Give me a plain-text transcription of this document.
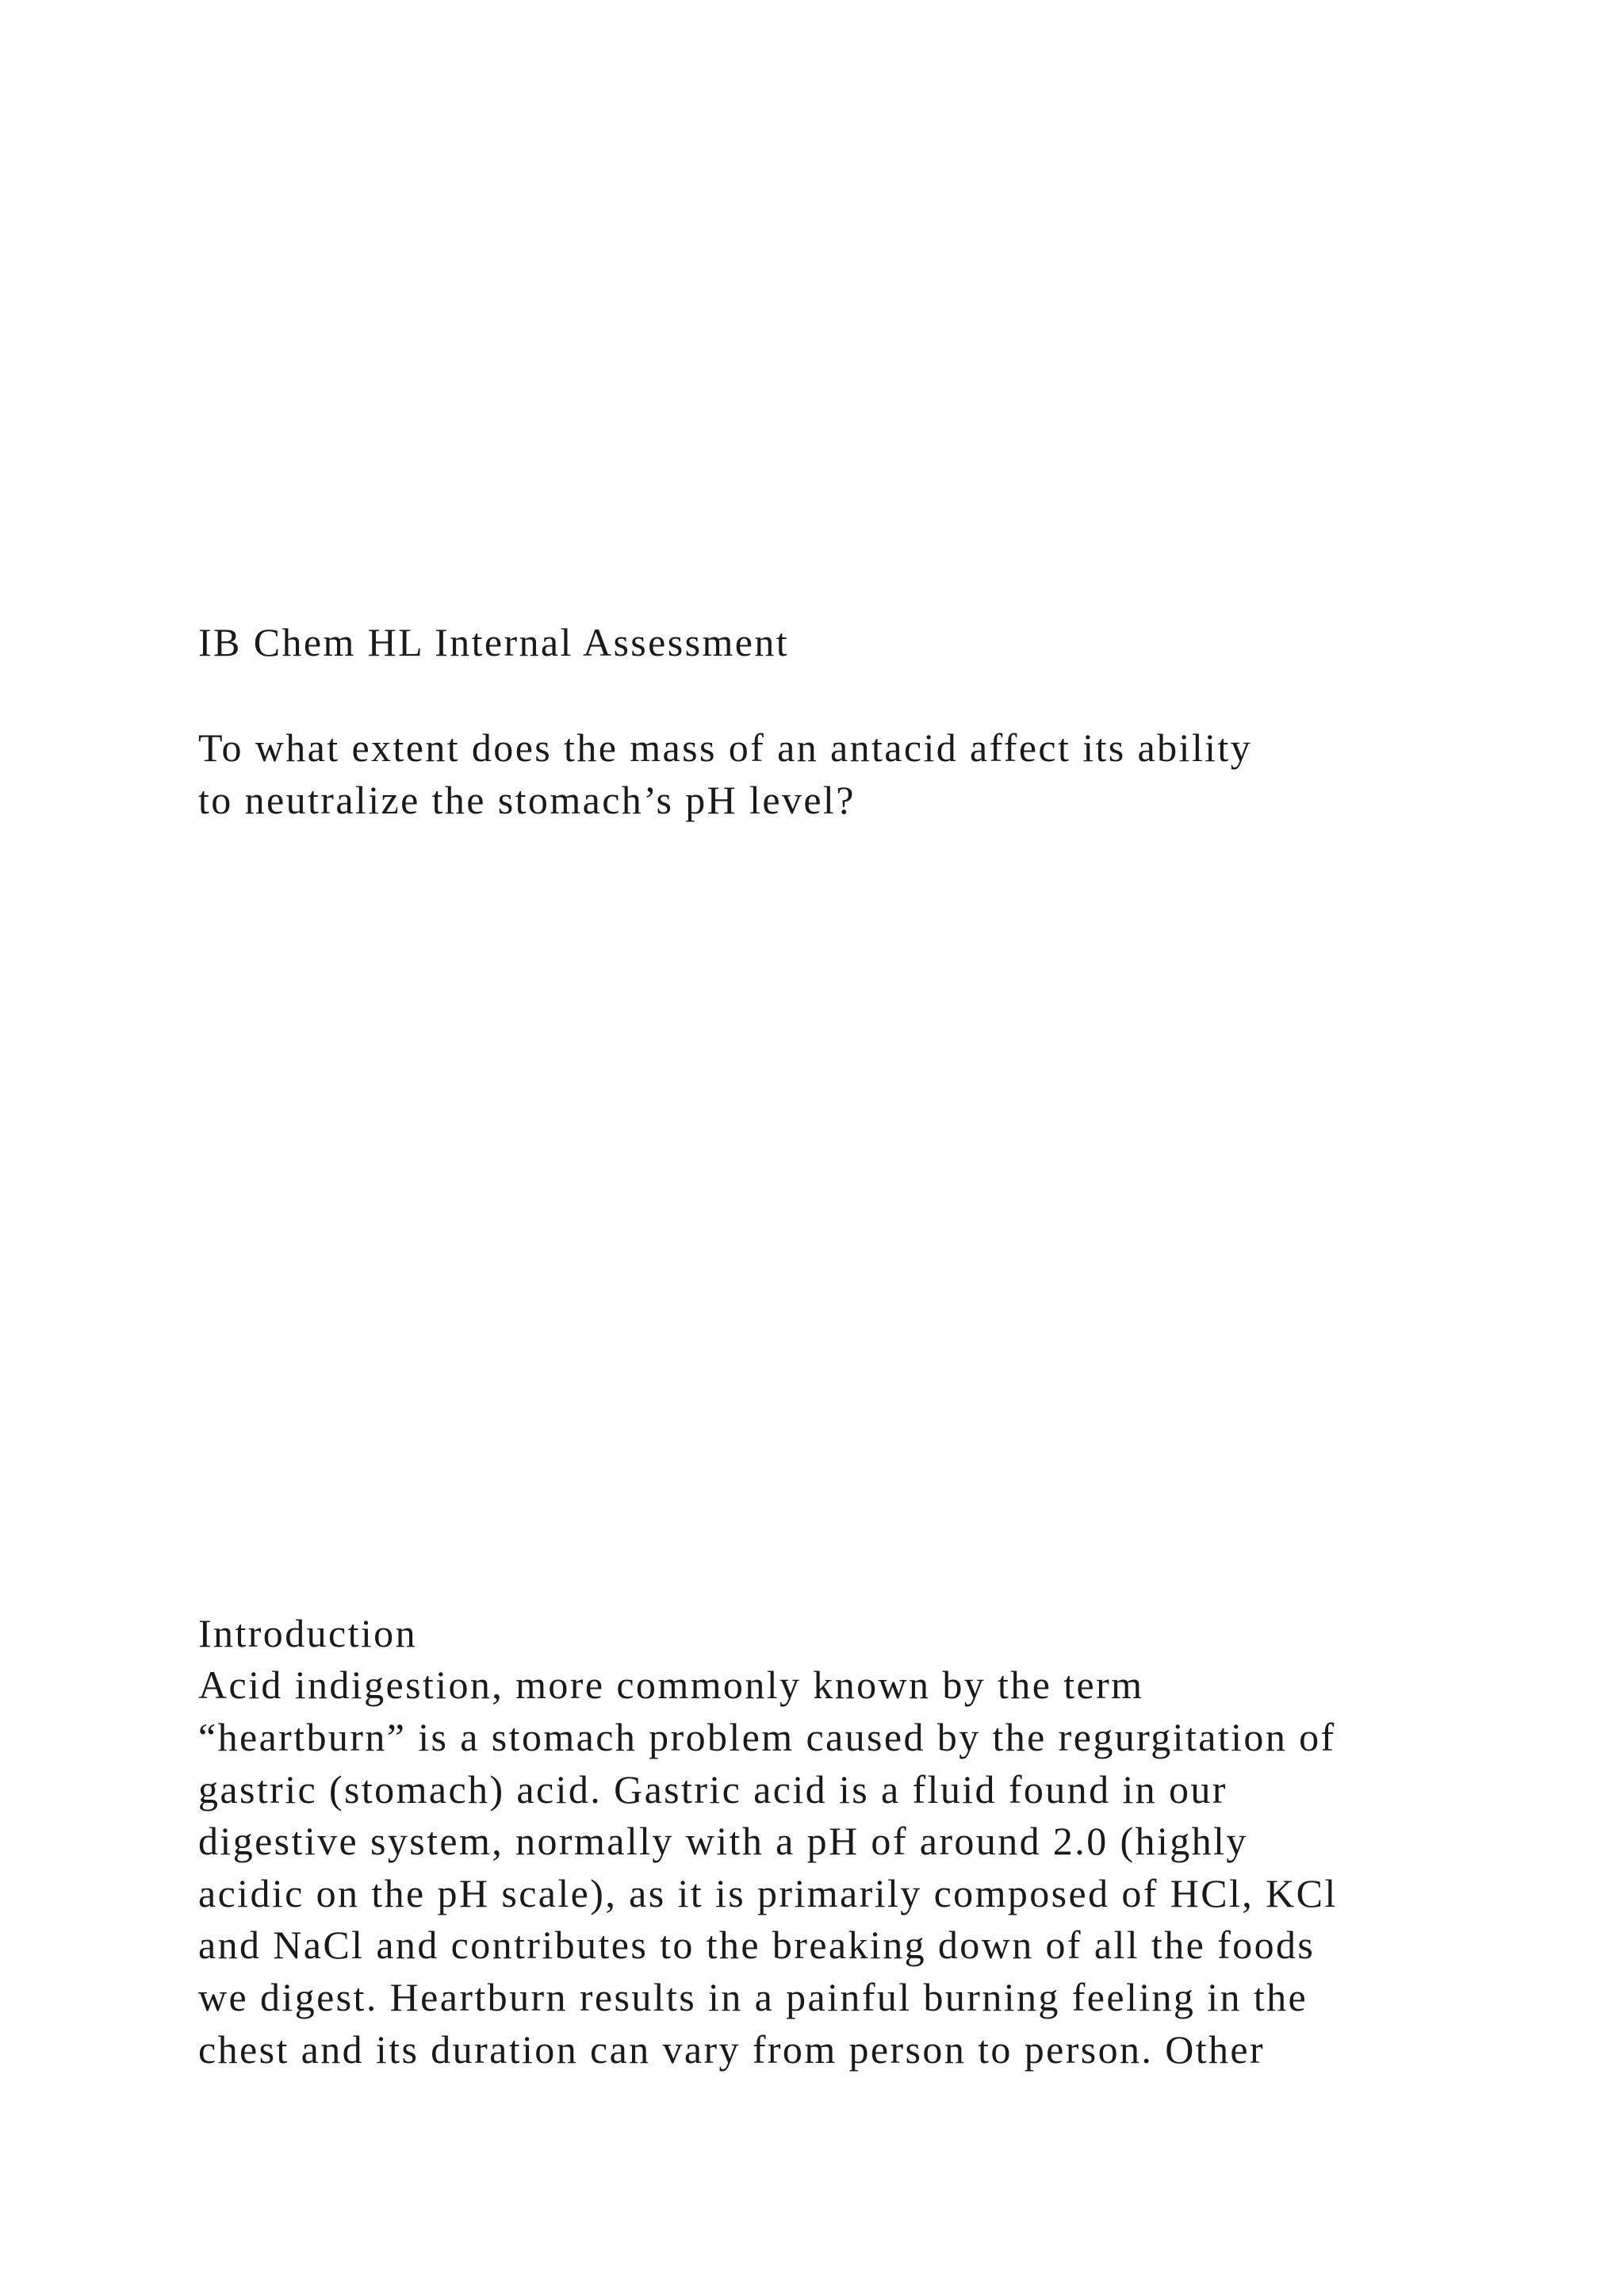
IB Chem HL Internal Assessment
To what extent does the mass of an antacid affect its ability
to neutralize the stomach’s pH level?
Introduction
Acid indigestion, more commonly known by the term
“heartburn” is a stomach problem caused by the regurgitation of
gastric (stomach) acid. Gastric acid is a fluid found in our
digestive system, normally with a pH of around 2.0 (highly
acidic on the pH scale), as it is primarily composed of HCl, KCl
and NaCl and contributes to the breaking down of all the foods
we digest. Heartburn results in a painful burning feeling in the
chest and its duration can vary from person to person. Other
